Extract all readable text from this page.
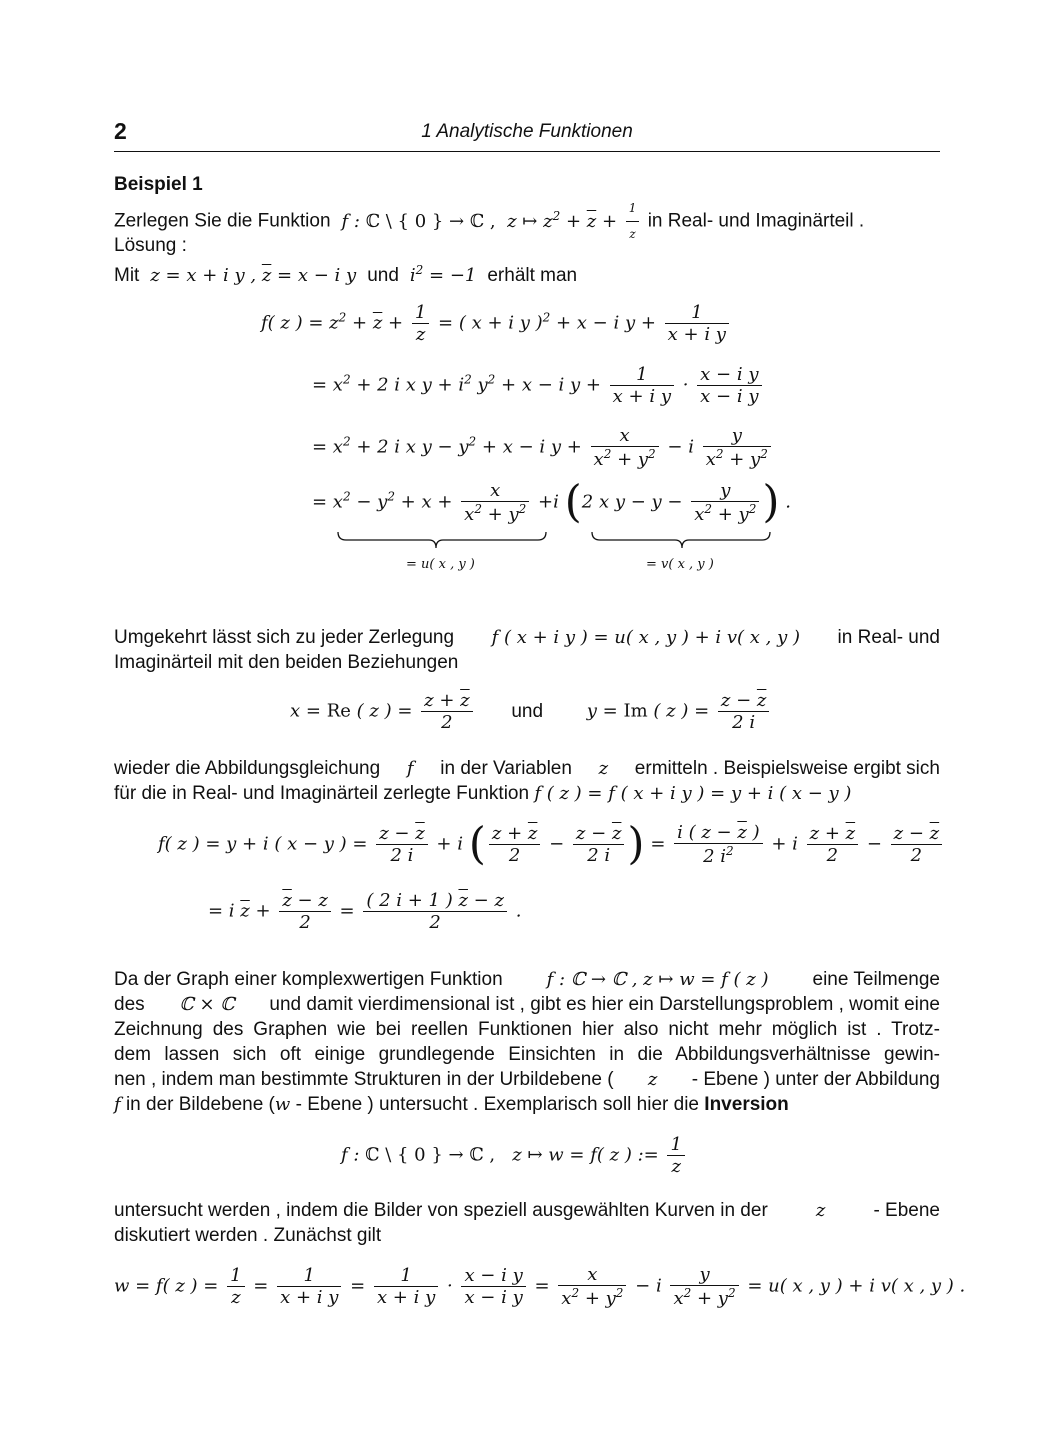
2	1 Analytische Funktionen
Beispiel 1
Zerlegen Sie die Funktion  f : ℂ \ { 0 } → ℂ ,  z ↦ $z^2 + \overline{z} + \frac{1}{z}$ in Real- und Imaginärteil .
Lösung :
Mit  z = x + i y , $\overline{z} = x - i$ y  und  $i^2 = -1$  erhält man
f( z ) = $z^2 + \overline{z} + \frac{1}{z}$ = ( x + i y )$^2$ + x − i $y + \frac{1}{\text{x + i y}}$
= $x^2 + 2$ i x $y + i^2$ $y^2 + x - i$ $y + \frac{1}{\text{x + i y}} \cdot \frac{\text{x − i y}}{\text{x − i y}}$
= $x^2 + 2$ i x $y - y^2 + x - i$ $y + \frac{x}{x^2 + y^2} - i \frac{y}{x^2 + y^2}$
= $x^2 - y^2 + x + \frac{x}{x^2 + y^2} +i$ (2 x $y - y - \frac{y}{x^2 + y^2}$ ) .
= u( x , y )	= v( x , y )
Umgekehrt lässt sich zu jeder Zerlegung f ( x + i y ) = u( x , y ) + i v( x , y ) in Real- und
Imaginärteil mit den beiden Beziehungen
x = Re ( z ) = $\frac{z + \overline{z}}{2}$ und y = Im ( z ) = $\frac{z - \overline{z}}{2 i}$
wieder die Abbildungsgleichung f in der Variablen z ermitteln . Beispielsweise ergibt sich
für die in Real- und Imaginärteil zerlegte Funktion f ( z ) = f ( x + i y ) = y + i ( x − y )
f( z ) = y + i ( x − y ) = $\frac{z - \overline{z}}{2 i} + i$ ( $\frac{z + \overline{z}}{2} - \frac{z - \overline{z}}{2 i}$ ) = $\frac{i ( z - \overline{z} )}{2 i^2} + i \frac{z + \overline{z}}{2} - \frac{z - \overline{z}}{2}$
= i $\overline{z} + \frac{\overline{z} - z}{2} = \frac{( 2 i + 1 ) \overline{z} - z}{2}$ .
Da der Graph einer komplexwertigen Funktion f : ℂ → ℂ , z ↦ w = f ( z ) eine Teilmenge
des ℂ × ℂ und damit vierdimensional ist , gibt es hier ein Darstellungsproblem , womit eine
Zeichnung des Graphen wie bei reellen Funktionen hier also nicht mehr möglich ist . Trotz-
dem lassen sich oft einige grundlegende Einsichten in die Abbildungsverhältnisse gewin-
nen , indem man bestimmte Strukturen in der Urbildebene ( z - Ebene ) unter der Abbildung
f in der Bildebene (w - Ebene ) untersucht . Exemplarisch soll hier die Inversion
f : ℂ \ { 0 } → ℂ ,   z ↦ w = f( z ) := $\frac{1}{z}$
untersucht werden , indem die Bilder von speziell ausgewählten Kurven in der	z	- Ebene
diskutiert werden . Zunächst gilt
w = f( z ) = $\frac{1}{z} = \frac{1}{\text{x + i y}} = \frac{1}{\text{x + i y}} \cdot \frac{\text{x − i y}}{\text{x − i y}} = \frac{x}{x^2 + y^2} - i \frac{y}{x^2 + y^2} = u$( x , y ) + i v( x , y ) .
